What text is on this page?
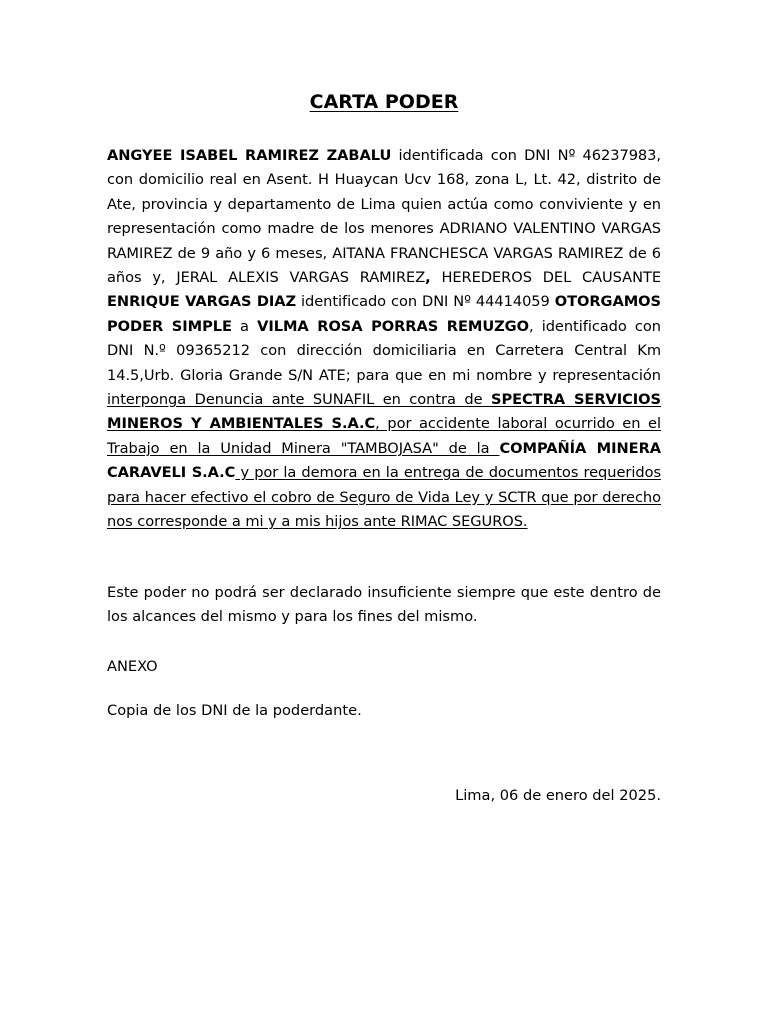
CARTA PODER

ANGYEE ISABEL RAMIREZ ZABALU identificada con DNI Nº 46237983, con domicilio real en Asent. H Huaycan Ucv 168, zona L, Lt. 42, distrito de Ate, provincia y departamento de Lima quien actúa como conviviente y en representación como madre de los menores ADRIANO VALENTINO VARGAS RAMIREZ de 9 año y 6 meses, AITANA FRANCHESCA VARGAS RAMIREZ de 6 años y, JERAL ALEXIS VARGAS RAMIREZ, HEREDEROS DEL CAUSANTE ENRIQUE VARGAS DIAZ identificado con DNI Nº 44414059 OTORGAMOS PODER SIMPLE a VILMA ROSA PORRAS REMUZGO, identificado con DNI N.º 09365212 con dirección domiciliaria en Carretera Central Km 14.5,Urb. Gloria Grande S/N ATE; para que en mi nombre y representación interponga Denuncia ante SUNAFIL en contra de SPECTRA SERVICIOS MINEROS Y AMBIENTALES S.A.C, por accidente laboral ocurrido en el Trabajo en la Unidad Minera "TAMBOJASA" de la COMPAÑÍA MINERA CARAVELI S.A.C y por la demora en la entrega de documentos requeridos para hacer efectivo el cobro de Seguro de Vida Ley y SCTR que por derecho nos corresponde a mi y a mis hijos ante RIMAC SEGUROS.

Este poder no podrá ser declarado insuficiente siempre que este dentro de los alcances del mismo y para los fines del mismo.

ANEXO

Copia de los DNI de la poderdante.

Lima, 06 de enero del 2025.
